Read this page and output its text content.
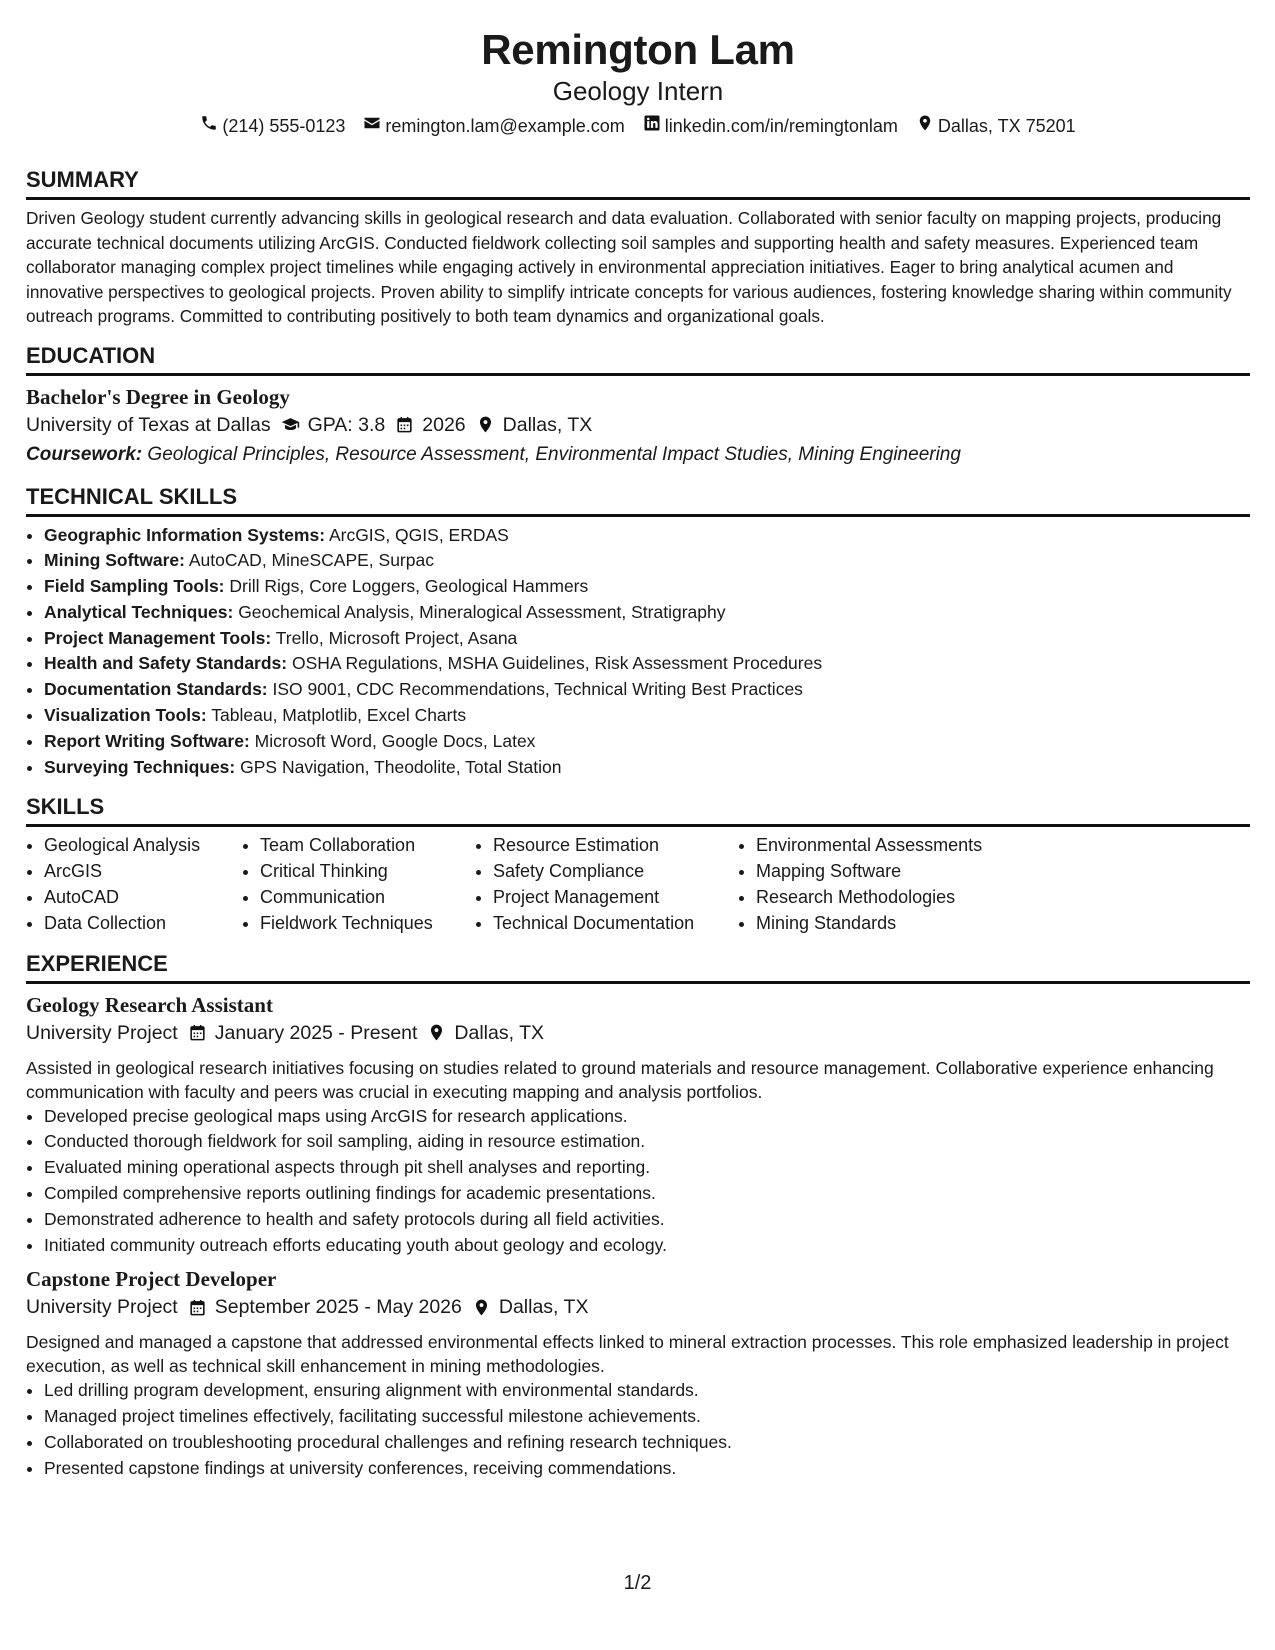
Remington Lam
Geology Intern
(214) 555-0123 remington.lam@example.com linkedin.com/in/remingtonlam Dallas, TX 75201
SUMMARY
Driven Geology student currently advancing skills in geological research and data evaluation. Collaborated with senior faculty on mapping projects, producing accurate technical documents utilizing ArcGIS. Conducted fieldwork collecting soil samples and supporting health and safety measures. Experienced team collaborator managing complex project timelines while engaging actively in environmental appreciation initiatives. Eager to bring analytical acumen and innovative perspectives to geological projects. Proven ability to simplify intricate concepts for various audiences, fostering knowledge sharing within community outreach programs. Committed to contributing positively to both team dynamics and organizational goals.
EDUCATION
Bachelor's Degree in Geology
University of Texas at Dallas GPA: 3.8 2026 Dallas, TX
Coursework: Geological Principles, Resource Assessment, Environmental Impact Studies, Mining Engineering
TECHNICAL SKILLS
• Geographic Information Systems: ArcGIS, QGIS, ERDAS
• Mining Software: AutoCAD, MineSCAPE, Surpac
• Field Sampling Tools: Drill Rigs, Core Loggers, Geological Hammers
• Analytical Techniques: Geochemical Analysis, Mineralogical Assessment, Stratigraphy
• Project Management Tools: Trello, Microsoft Project, Asana
• Health and Safety Standards: OSHA Regulations, MSHA Guidelines, Risk Assessment Procedures
• Documentation Standards: ISO 9001, CDC Recommendations, Technical Writing Best Practices
• Visualization Tools: Tableau, Matplotlib, Excel Charts
• Report Writing Software: Microsoft Word, Google Docs, Latex
• Surveying Techniques: GPS Navigation, Theodolite, Total Station
SKILLS
• Geological Analysis
• ArcGIS
• AutoCAD
• Data Collection
• Team Collaboration
• Critical Thinking
• Communication
• Fieldwork Techniques
• Resource Estimation
• Safety Compliance
• Project Management
• Technical Documentation
• Environmental Assessments
• Mapping Software
• Research Methodologies
• Mining Standards
EXPERIENCE
Geology Research Assistant
University Project January 2025 - Present Dallas, TX
Assisted in geological research initiatives focusing on studies related to ground materials and resource management. Collaborative experience enhancing communication with faculty and peers was crucial in executing mapping and analysis portfolios.
• Developed precise geological maps using ArcGIS for research applications.
• Conducted thorough fieldwork for soil sampling, aiding in resource estimation.
• Evaluated mining operational aspects through pit shell analyses and reporting.
• Compiled comprehensive reports outlining findings for academic presentations.
• Demonstrated adherence to health and safety protocols during all field activities.
• Initiated community outreach efforts educating youth about geology and ecology.
Capstone Project Developer
University Project September 2025 - May 2026 Dallas, TX
Designed and managed a capstone that addressed environmental effects linked to mineral extraction processes. This role emphasized leadership in project execution, as well as technical skill enhancement in mining methodologies.
• Led drilling program development, ensuring alignment with environmental standards.
• Managed project timelines effectively, facilitating successful milestone achievements.
• Collaborated on troubleshooting procedural challenges and refining research techniques.
• Presented capstone findings at university conferences, receiving commendations.
1/2
